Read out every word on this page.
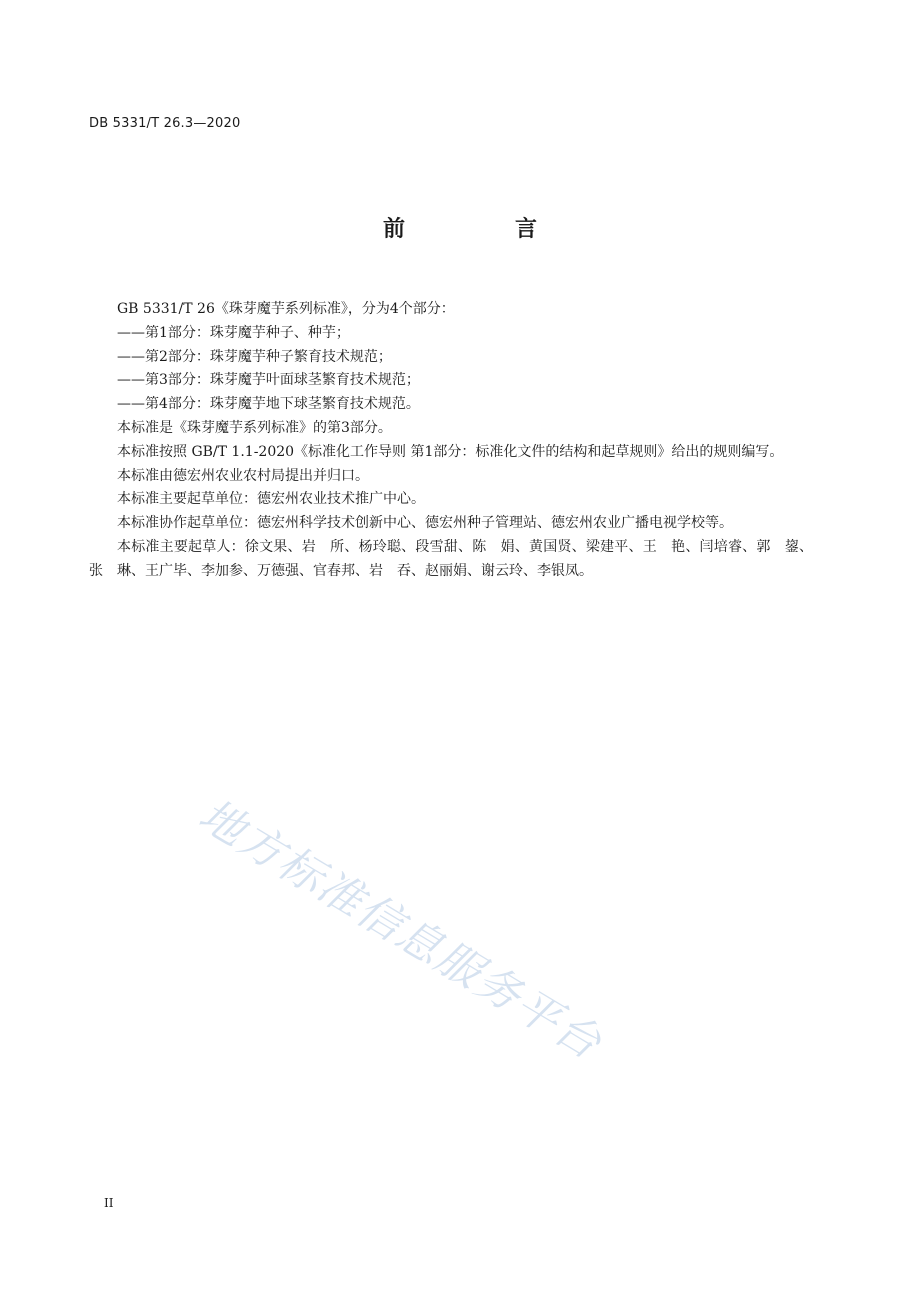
DB 5331/T 26.3—2020
前　言

GB 5331/T 26《珠芽魔芋系列标准》，分为4个部分：

——第1部分：珠芽魔芋种子、种芋；

——第2部分：珠芽魔芋种子繁育技术规范；

——第3部分：珠芽魔芋叶面球茎繁育技术规范；

——第4部分：珠芽魔芋地下球茎繁育技术规范。

本标准是《珠芽魔芋系列标准》的第3部分。

本标准按照 GB/T 1.1-2020《标准化工作导则 第1部分：标准化文件的结构和起草规则》给出的规则编写。

本标准由德宏州农业农村局提出并归口。

本标准主要起草单位：德宏州农业技术推广中心。

本标准协作起草单位：德宏州科学技术创新中心、德宏州种子管理站、德宏州农业广播电视学校等。

本标准主要起草人：徐文果、岩　所、杨玲聪、段雪甜、陈　娟、黄国贤、梁建平、王　艳、闫培睿、郭　鋆、张　琳、王广毕、李加参、万德强、官春邦、岩　吞、赵丽娟、谢云玲、李银凤。

地方标准信息服务平台
II
